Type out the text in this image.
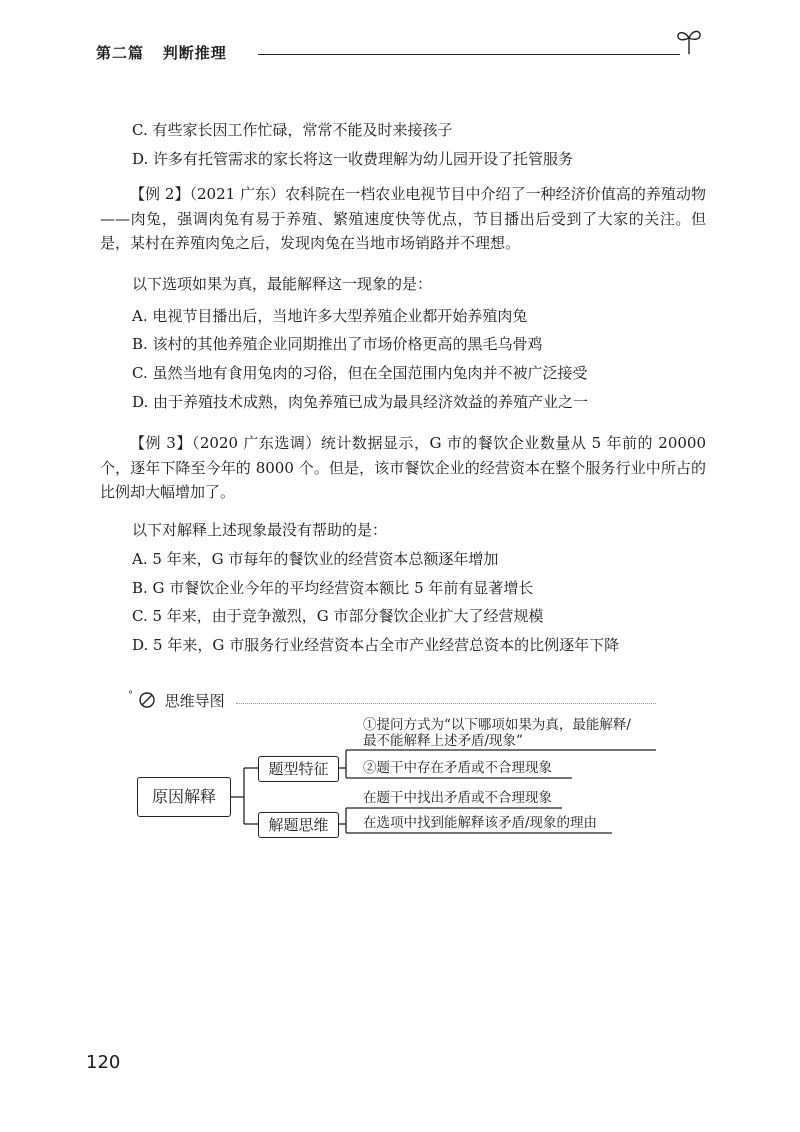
第二篇 判断推理
C. 有些家长因工作忙碌，常常不能及时来接孩子
D. 许多有托管需求的家长将这一收费理解为幼儿园开设了托管服务
【例 2】（2021 广东）农科院在一档农业电视节目中介绍了一种经济价值高的养殖动物——肉兔，强调肉兔有易于养殖、繁殖速度快等优点，节目播出后受到了大家的关注。但是，某村在养殖肉兔之后，发现肉兔在当地市场销路并不理想。
以下选项如果为真，最能解释这一现象的是：
A. 电视节目播出后，当地许多大型养殖企业都开始养殖肉兔
B. 该村的其他养殖企业同期推出了市场价格更高的黑毛乌骨鸡
C. 虽然当地有食用兔肉的习俗，但在全国范围内兔肉并不被广泛接受
D. 由于养殖技术成熟，肉兔养殖已成为最具经济效益的养殖产业之一
【例 3】（2020 广东选调）统计数据显示，G 市的餐饮企业数量从 5 年前的 20000 个，逐年下降至今年的 8000 个。但是，该市餐饮企业的经营资本在整个服务行业中所占的比例却大幅增加了。
以下对解释上述现象最没有帮助的是：
A. 5 年来，G 市每年的餐饮业的经营资本总额逐年增加
B. G 市餐饮企业今年的平均经营资本额比 5 年前有显著增长
C. 5 年来，由于竞争激烈，G 市部分餐饮企业扩大了经营规模
D. 5 年来，G 市服务行业经营资本占全市产业经营总资本的比例逐年下降
° 思维导图
原因解释
题型特征
解题思维
①提问方式为“以下哪项如果为真，最能解释/
最不能解释上述矛盾/现象”
②题干中存在矛盾或不合理现象
在题干中找出矛盾或不合理现象
在选项中找到能解释该矛盾/现象的理由
120
